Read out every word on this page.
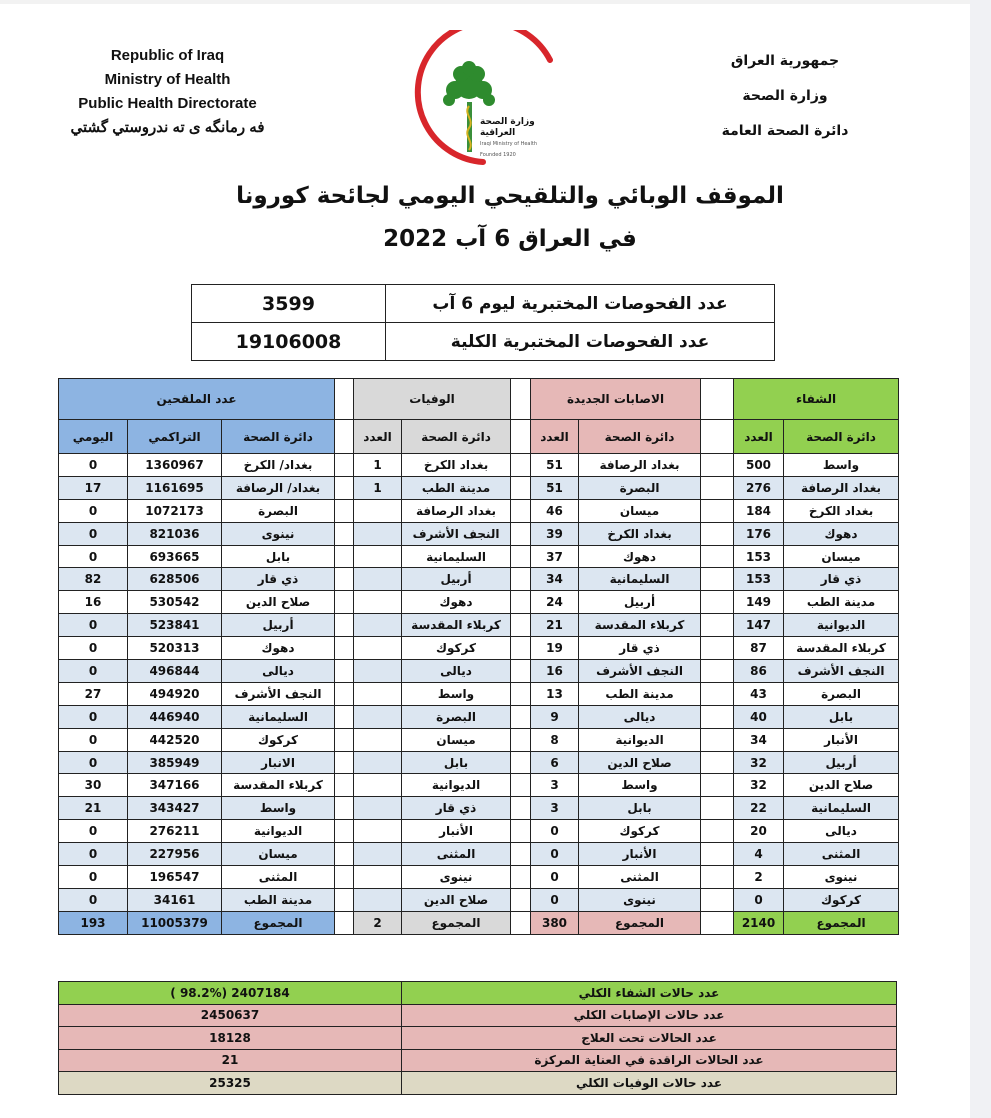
Republic of Iraq
Ministry of Health
Public Health Directorate
فه رمانگه ى ته ندروستي گشتي	وزارة الصحة العراقية
Iraqi Ministry of Health
Founded 1920
جمهورية العراق
وزارة الصحة
دائرة الصحة العامة
الموقف الوبائي والتلقيحي اليومي لجائحة كورونا
في العراق 6 آب 2022
3599	عدد الفحوصات المختبرية ليوم 6 آب
19106008	عدد الفحوصات المختبرية الكلية
عدد الملقحين				الوفيات			الاصابات الجديدة			الشفاء	
اليومي	التراكمي	دائرة الصحة		العدد	دائرة الصحة		العدد	دائرة الصحة		العدد	دائرة الصحة
0	1360967	بغداد/ الكرخ		1	بغداد الكرخ		51	بغداد الرصافة		500	واسط
17	1161695	بغداد/ الرصافة		1	مدينة الطب		51	البصرة		276	بغداد الرصافة
0	1072173	البصرة			بغداد الرصافة		46	ميسان		184	بغداد الكرخ
0	821036	نينوى			النجف الأشرف		39	بغداد الكرخ		176	دهوك
0	693665	بابل			السليمانية		37	دهوك		153	ميسان
82	628506	ذي قار			أربيل		34	السليمانية		153	ذي قار
16	530542	صلاح الدين			دهوك		24	أربيل		149	مدينة الطب
0	523841	أربيل			كربلاء المقدسة		21	كربلاء المقدسة		147	الديوانية
0	520313	دهوك			كركوك		19	ذي قار		87	كربلاء المقدسة
0	496844	ديالى			ديالى		16	النجف الأشرف		86	النجف الأشرف
27	494920	النجف الأشرف			واسط		13	مدينة الطب		43	البصرة
0	446940	السليمانية			البصرة		9	ديالى		40	بابل
0	442520	كركوك			ميسان		8	الديوانية		34	الأنبار
0	385949	الانبار			بابل		6	صلاح الدين		32	أربيل
30	347166	كربلاء المقدسة			الديوانية		3	واسط		32	صلاح الدين
21	343427	واسط			ذي قار		3	بابل		22	السليمانية
0	276211	الديوانية			الأنبار		0	كركوك		20	ديالى
0	227956	ميسان			المثنى		0	الأنبار		4	المثنى
0	196547	المثنى			نينوى		0	المثنى		2	نينوى
0	34161	مدينة الطب			صلاح الدين		0	نينوى		0	كركوك
193	11005379	المجموع		2	المجموع		380	المجموع		2140	المجموع
( 98.2%) 2407184	عدد حالات الشفاء الكلي
2450637	عدد حالات الإصابات الكلي
18128	عدد الحالات تحت العلاج
21	عدد الحالات الراقدة في العناية المركزة
25325	عدد حالات الوفيات الكلي
